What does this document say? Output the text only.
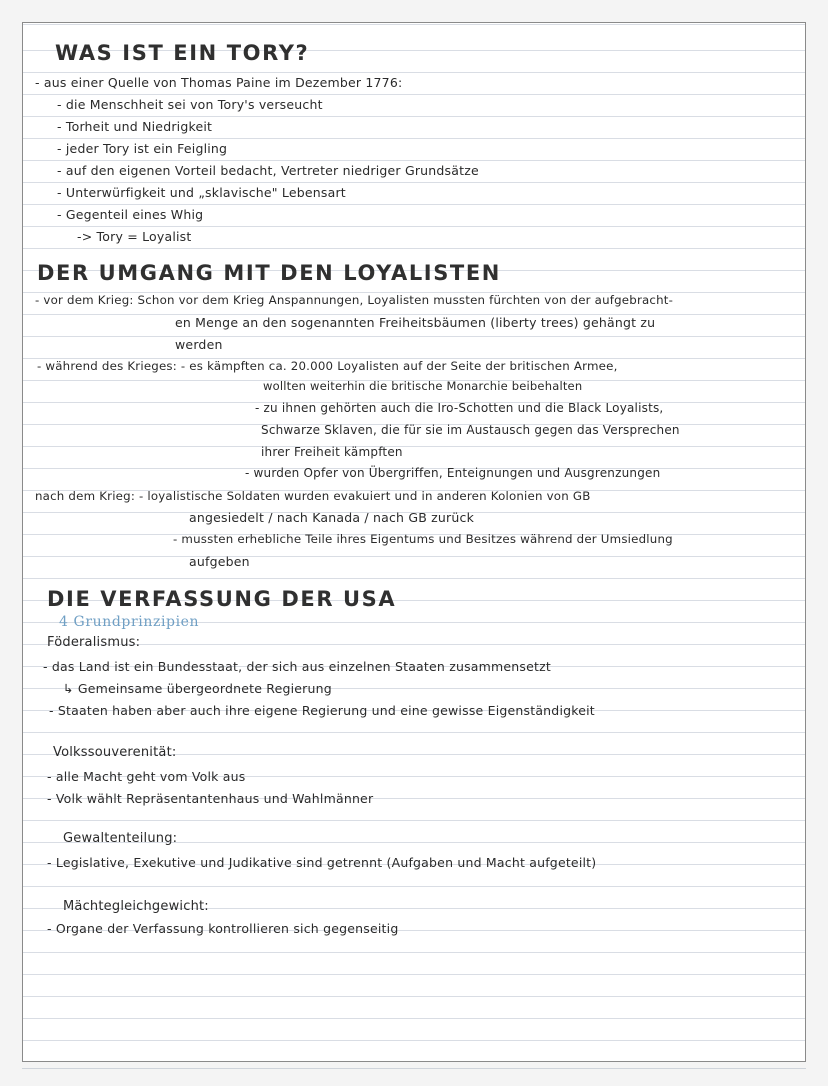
WAS IST EIN TORY?
- aus einer Quelle von Thomas Paine im Dezember 1776:
- die Menschheit sei von Tory's verseucht
- Torheit und Niedrigkeit
- jeder Tory ist ein Feigling
- auf den eigenen Vorteil bedacht, Vertreter niedriger Grundsätze
- Unterwürfigkeit und „sklavische" Lebensart
- Gegenteil eines Whig
-> Tory = Loyalist
DER UMGANG MIT DEN LOYALISTEN
- vor dem Krieg: Schon vor dem Krieg Anspannungen, Loyalisten mussten fürchten von der aufgebracht-
en Menge an den sogenannten Freiheitsbäumen (liberty trees) gehängt zu
werden
- während des Krieges: - es kämpften ca. 20.000 Loyalisten auf der Seite der britischen Armee,
wollten weiterhin die britische Monarchie beibehalten
- zu ihnen gehörten auch die Iro-Schotten und die Black Loyalists,
Schwarze Sklaven, die für sie im Austausch gegen das Versprechen
ihrer Freiheit kämpften
- wurden Opfer von Übergriffen, Enteignungen und Ausgrenzungen
nach dem Krieg: - loyalistische Soldaten wurden evakuiert und in anderen Kolonien von GB
angesiedelt / nach Kanada / nach GB zurück
- mussten erhebliche Teile ihres Eigentums und Besitzes während der Umsiedlung
aufgeben
DIE VERFASSUNG DER USA
4 Grundprinzipien
Föderalismus:
- das Land ist ein Bundesstaat, der sich aus einzelnen Staaten zusammensetzt
↳ Gemeinsame übergeordnete Regierung
- Staaten haben aber auch ihre eigene Regierung und eine gewisse Eigenständigkeit
Volkssouverenität:
- alle Macht geht vom Volk aus
- Volk wählt Repräsentantenhaus und Wahlmänner
Gewaltenteilung:
- Legislative, Exekutive und Judikative sind getrennt (Aufgaben und Macht aufgeteilt)
Mächtegleichgewicht:
- Organe der Verfassung kontrollieren sich gegenseitig
